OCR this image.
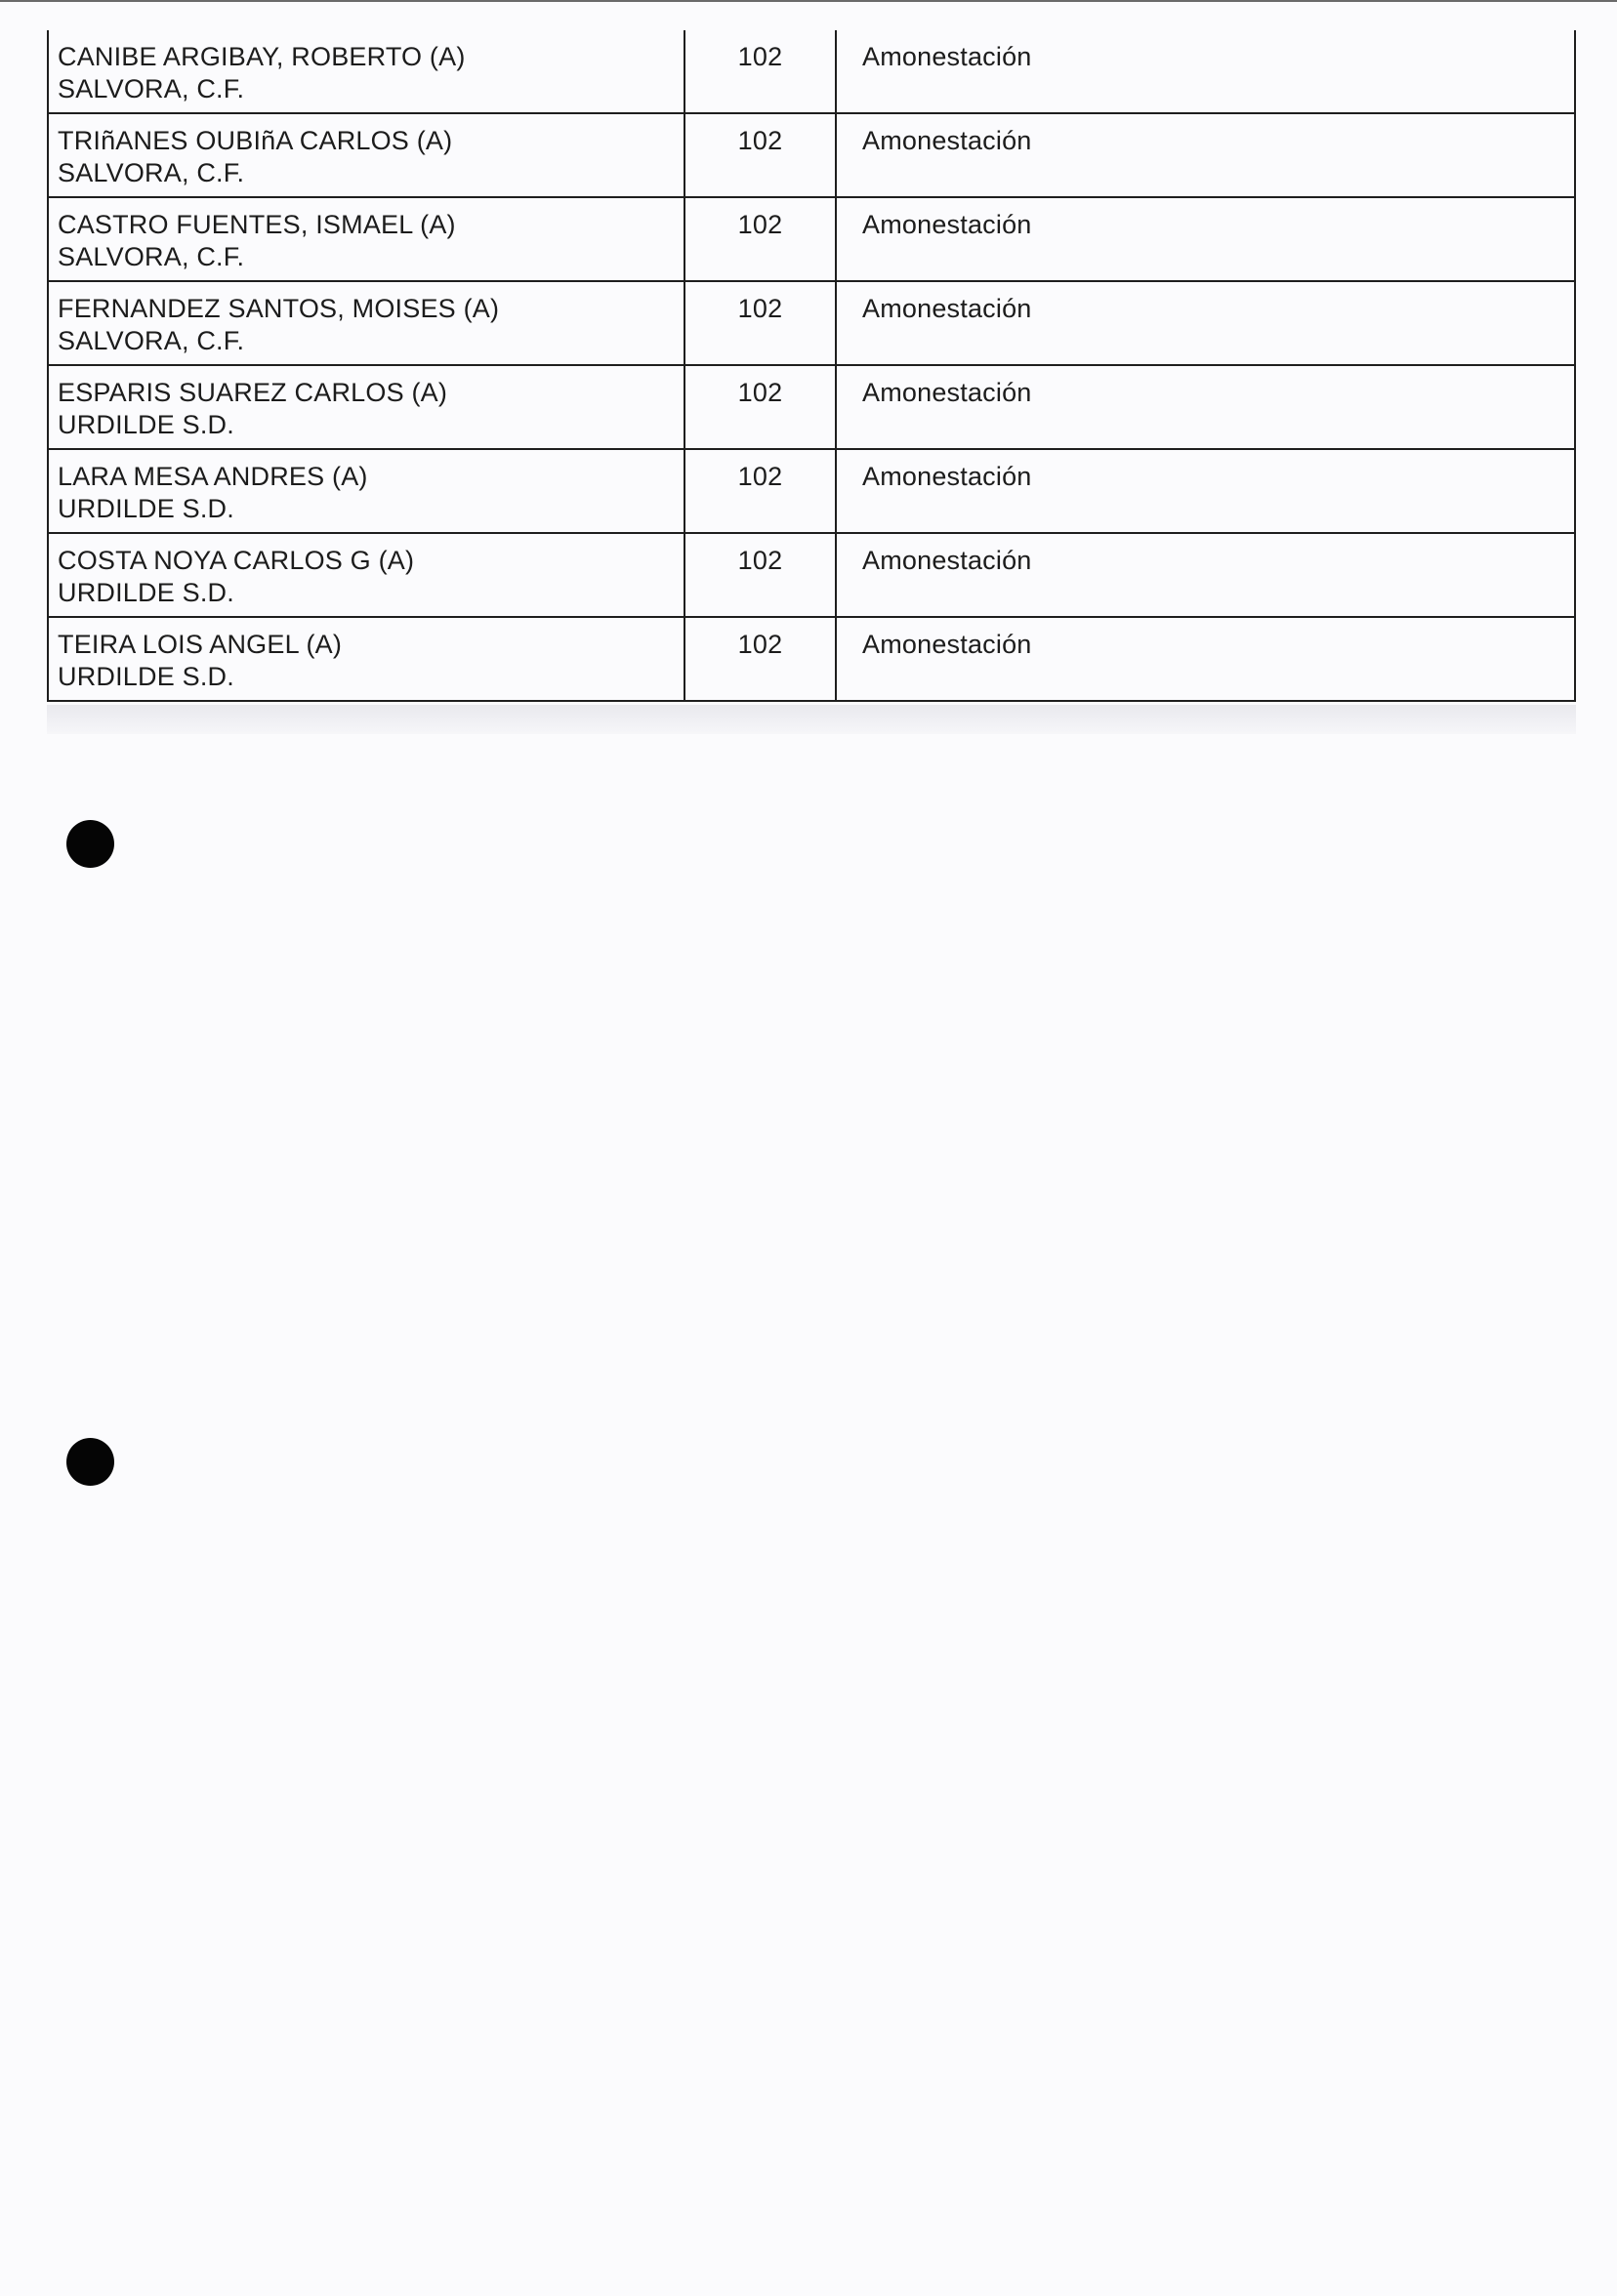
CANIBE ARGIBAY, ROBERTO (A)
SALVORA, C.F.
102	Amonestación
TRIñANES OUBIñA CARLOS (A)
SALVORA, C.F.
102	Amonestación
CASTRO FUENTES, ISMAEL (A)
SALVORA, C.F.
102	Amonestación
FERNANDEZ SANTOS, MOISES (A)
SALVORA, C.F.
102	Amonestación
ESPARIS SUAREZ CARLOS (A)
URDILDE S.D.
102	Amonestación
LARA MESA ANDRES (A)
URDILDE S.D.
102	Amonestación
COSTA NOYA CARLOS G (A)
URDILDE S.D.
102	Amonestación
TEIRA LOIS ANGEL (A)
URDILDE S.D.
102	Amonestación
